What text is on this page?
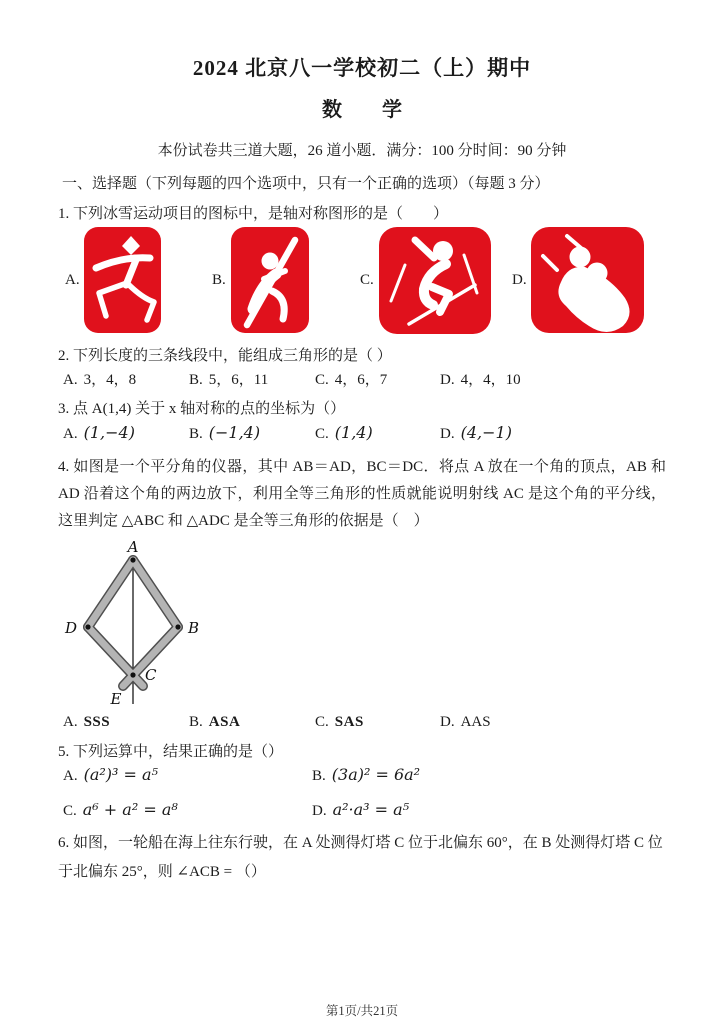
2024 北京八一学校初二（上）期中
数　　学
本份试卷共三道大题，26 道小题．满分：100 分时间：90 分钟
一、选择题（下列每题的四个选项中，只有一个正确的选项）（每题 3 分）
1. 下列冰雪运动项目的图标中，是轴对称图形的是（　　）
A.	B.	C.	D.
2. 下列长度的三条线段中，能组成三角形的是（ ）
A. 3，4，8	B. 5，6，11	C. 4，6，7	D. 4，4，10
3. 点 A(1,4) 关于 x 轴对称的点的坐标为（）
A. (1,−4)	B. (−1,4)	C. (1,4)	D. (4,−1)
4. 如图是一个平分角的仪器，其中 AB＝AD，BC＝DC．将点 A 放在一个角的顶点，AB 和 AD 沿着这个角的两边放下，利用全等三角形的性质就能说明射线 AC 是这个角的平分线，这里判定 △ABC 和 △ADC 是全等三角形的依据是（　）
A
D	B
C
E
A. SSS	B. ASA	C. SAS	D. AAS
5. 下列运算中，结果正确的是（）
A. (a²)³ = a⁵	B. (3a)² = 6a²
C. a⁶ + a² = a⁸	D. a²·a³ = a⁵
6. 如图，一轮船在海上往东行驶，在 A 处测得灯塔 C 位于北偏东 60°，在 B 处测得灯塔 C 位于北偏东 25°，则 ∠ACB = （）
第1页/共21页
